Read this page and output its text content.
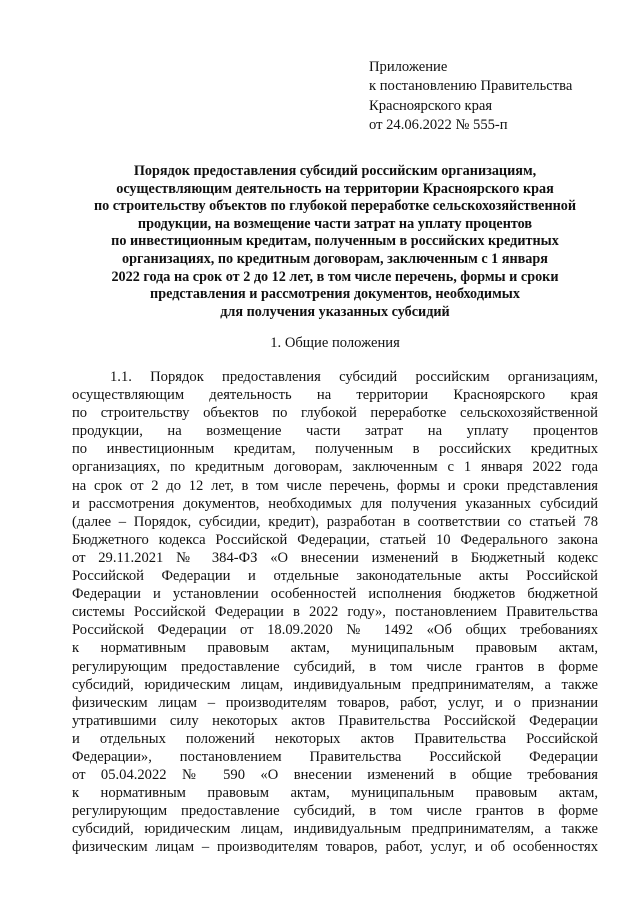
Приложение
к постановлению Правительства
Красноярского края
от 24.06.2022 № 555-п
Порядок предоставления субсидий российским организациям,
осуществляющим деятельность на территории Красноярского края
по строительству объектов по глубокой переработке сельскохозяйственной
продукции, на возмещение части затрат на уплату процентов
по инвестиционным кредитам, полученным в российских кредитных
организациях, по кредитным договорам, заключенным с 1 января
2022 года на срок от 2 до 12 лет, в том числе перечень, формы и сроки
представления и рассмотрения документов, необходимых
для получения указанных субсидий
1. Общие положения
1.1. Порядок предоставления субсидий российским организациям,
осуществляющим деятельность на территории Красноярского края
по строительству объектов по глубокой переработке сельскохозяйственной
продукции, на возмещение части затрат на уплату процентов
по инвестиционным кредитам, полученным в российских кредитных
организациях, по кредитным договорам, заключенным с 1 января 2022 года
на срок от 2 до 12 лет, в том числе перечень, формы и сроки представления
и рассмотрения документов, необходимых для получения указанных субсидий
(далее – Порядок, субсидии, кредит), разработан в соответствии со статьей 78
Бюджетного кодекса Российской Федерации, статьей 10 Федерального закона
от 29.11.2021 № 384-ФЗ «О внесении изменений в Бюджетный кодекс
Российской Федерации и отдельные законодательные акты Российской
Федерации и установлении особенностей исполнения бюджетов бюджетной
системы Российской Федерации в 2022 году», постановлением Правительства
Российской Федерации от 18.09.2020 № 1492 «Об общих требованиях
к нормативным правовым актам, муниципальным правовым актам,
регулирующим предоставление субсидий, в том числе грантов в форме
субсидий, юридическим лицам, индивидуальным предпринимателям, а также
физическим лицам – производителям товаров, работ, услуг, и о признании
утратившими силу некоторых актов Правительства Российской Федерации
и отдельных положений некоторых актов Правительства Российской
Федерации», постановлением Правительства Российской Федерации
от 05.04.2022 № 590 «О внесении изменений в общие требования
к нормативным правовым актам, муниципальным правовым актам,
регулирующим предоставление субсидий, в том числе грантов в форме
субсидий, юридическим лицам, индивидуальным предпринимателям, а также
физическим лицам – производителям товаров, работ, услуг, и об особенностях
